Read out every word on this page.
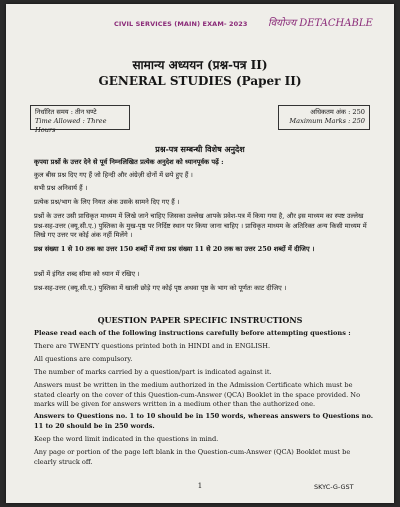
CIVIL SERVICES (MAIN) EXAM- 2023 वियोज्य DETACHABLE
सामान्य अध्ययन (प्रश्न-पत्र II)
GENERAL STUDIES (Paper II)
निर्धारित समय : तीन घण्टे
Time Allowed : Three Hours
अधिकतम अंक : 250
Maximum Marks : 250
प्रश्न-पत्र सम्बन्धी विशेष अनुदेश
कृपया प्रश्नों के उत्तर देने से पूर्व निम्नलिखित प्रत्येक अनुदेश को ध्यानपूर्वक पढ़ें :
कुल बीस प्रश्न दिए गए हैं जो हिन्दी और अंग्रेज़ी दोनों में छपे हुए हैं ।
सभी प्रश्न अनिवार्य हैं ।
प्रत्येक प्रश्न/भाग के लिए नियत अंक उसके सामने दिए गए हैं ।
प्रश्नों के उत्तर उसी प्राधिकृत माध्यम में लिखे जाने चाहिए जिसका उल्लेख आपके प्रवेश-पत्र में किया गया है, और इस माध्यम का स्पष्ट उल्लेख प्रश्न-सह-उत्तर (क्यू.सी.ए.) पुस्तिका के मुख-पृष्ठ पर निर्दिष्ट स्थान पर किया जाना चाहिए । प्राधिकृत माध्यम के अतिरिक्त अन्य किसी माध्यम में लिखे गए उत्तर पर कोई अंक नहीं मिलेंगे ।
प्रश्न संख्या 1 से 10 तक का उत्तर 150 शब्दों में तथा प्रश्न संख्या 11 से 20 तक का उत्तर 250 शब्दों में दीजिए ।
प्रश्नों में इंगित शब्द सीमा को ध्यान में रखिए ।
प्रश्न-सह-उत्तर (क्यू.सी.ए.) पुस्तिका में खाली छोड़े गए कोई पृष्ठ अथवा पृष्ठ के भाग को पूर्णतः काट दीजिए ।
QUESTION PAPER SPECIFIC INSTRUCTIONS
Please read each of the following instructions carefully before attempting questions :
There are TWENTY questions printed both in HINDI and in ENGLISH.
All questions are compulsory.
The number of marks carried by a question/part is indicated against it.
Answers must be written in the medium authorized in the Admission Certificate which must be stated clearly on the cover of this Question-cum-Answer (QCA) Booklet in the space provided. No marks will be given for answers written in a medium other than the authorized one.
Answers to Questions no. 1 to 10 should be in 150 words, whereas answers to Questions no. 11 to 20 should be in 250 words.
Keep the word limit indicated in the questions in mind.
Any page or portion of the page left blank in the Question-cum-Answer (QCA) Booklet must be clearly struck off.
1	SKYC-G-GST
